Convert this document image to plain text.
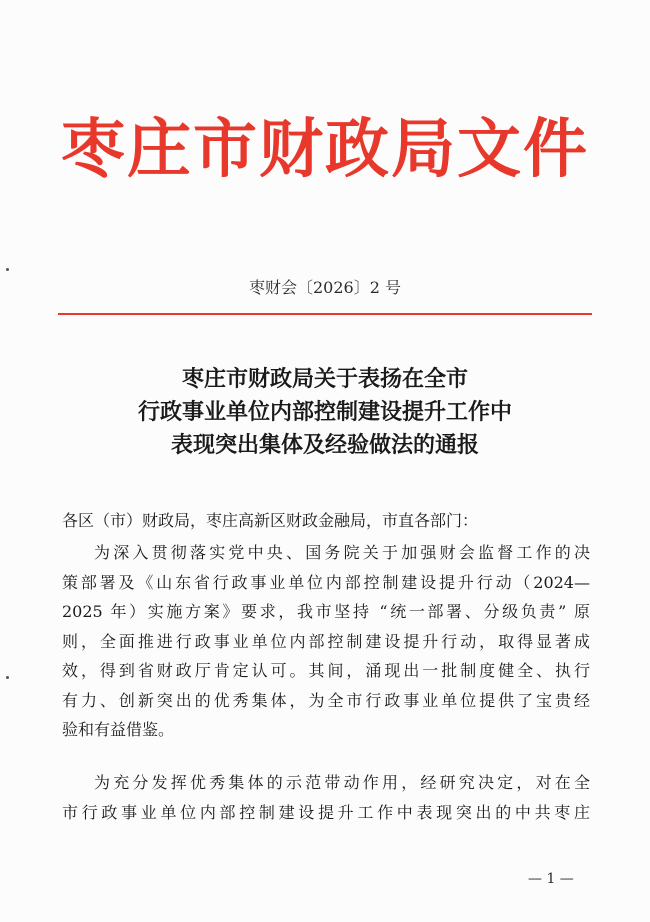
枣庄市财政局文件
枣财会〔2026〕2 号
枣庄市财政局关于表扬在全市
行政事业单位内部控制建设提升工作中
表现突出集体及经验做法的通报
各区（市）财政局，枣庄高新区财政金融局，市直各部门：
为深入贯彻落实党中央、国务院关于加强财会监督工作的决
策部署及《山东省行政事业单位内部控制建设提升行动（2024—
2025 年）实施方案》要求，我市坚持 “统一部署、分级负责” 原
则，全面推进行政事业单位内部控制建设提升行动，取得显著成
效，得到省财政厅肯定认可。其间，涌现出一批制度健全、执行
有力、创新突出的优秀集体，为全市行政事业单位提供了宝贵经
验和有益借鉴。
为充分发挥优秀集体的示范带动作用，经研究决定，对在全
市行政事业单位内部控制建设提升工作中表现突出的中共枣庄
— 1 —
